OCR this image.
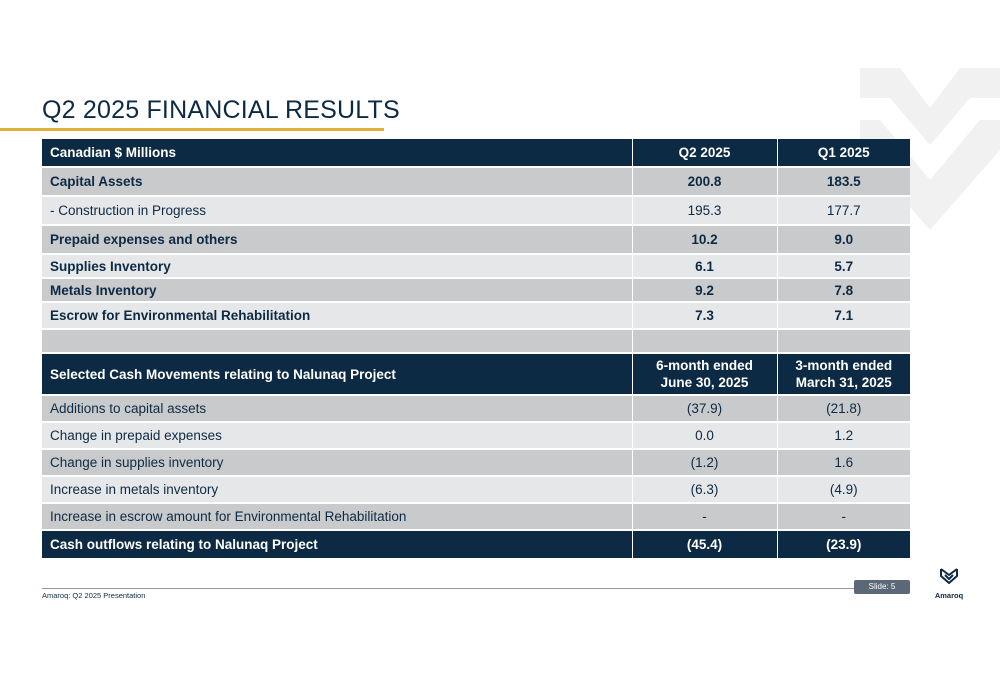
Q2 2025 FINANCIAL RESULTS
Canadian $ Millions	Q2 2025	Q1 2025
Capital Assets	200.8	183.5
- Construction in Progress	195.3	177.7
Prepaid expenses and others	10.2	9.0
Supplies Inventory	6.1	5.7
Metals Inventory	9.2	7.8
Escrow for Environmental Rehabilitation	7.3	7.1

Selected Cash Movements relating to Nalunaq Project	6-month ended June 30, 2025	3-month ended March 31, 2025
Additions to capital assets	(37.9)	(21.8)
Change in prepaid expenses	0.0	1.2
Change in supplies inventory	(1.2)	1.6
Increase in metals inventory	(6.3)	(4.9)
Increase in escrow amount for Environmental Rehabilitation	-	-
Cash outflows relating to Nalunaq Project	(45.4)	(23.9)
Amaroq: Q2 2025 Presentation
Slide: 5
Amaroq
